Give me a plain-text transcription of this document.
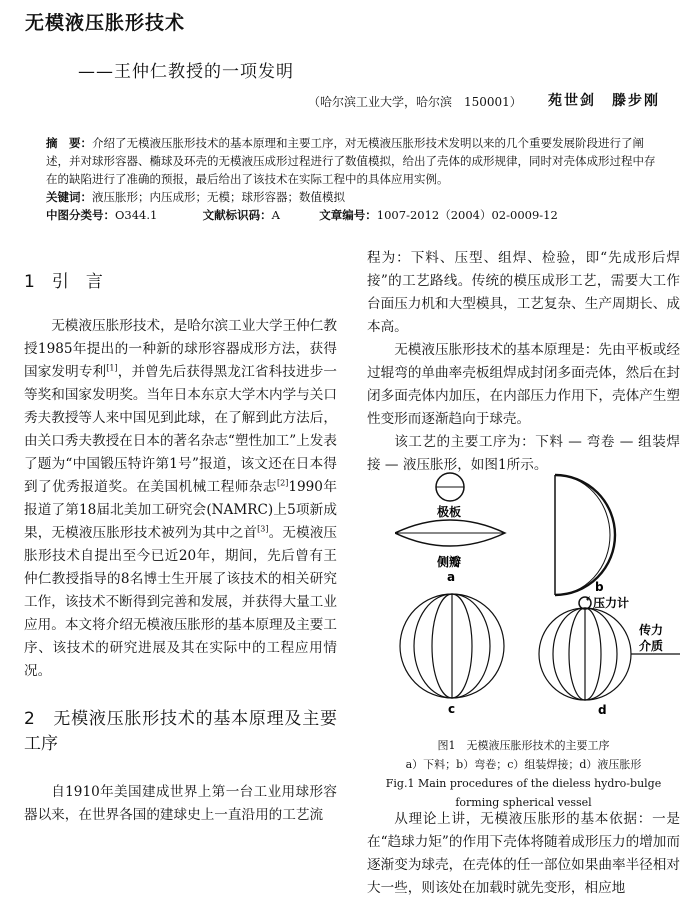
无模液压胀形技术
——王仲仁教授的一项发明
（哈尔滨工业大学，哈尔滨　150001） 苑世剑　滕步刚

摘　要：介绍了无模液压胀形技术的基本原理和主要工序，对无模液压胀形技术发明以来的几个重要发展阶段进行了阐述，并对球形容器、椭球及环壳的无模液压成形过程进行了数值模拟，给出了壳体的成形规律，同时对壳体成形过程中存在的缺陷进行了准确的预报，最后给出了该技术在实际工程中的具体应用实例。

关键词：液压胀形；内压成形；无模；球形容器；数值模拟

中图分类号：O344.1	文献标识码：A	文章编号：1007-2012（2004）02-0009-12

1　引　言

无模液压胀形技术，是哈尔滨工业大学王仲仁教授1985年提出的一种新的球形容器成形方法，获得国家发明专利[1]，并曾先后获得黑龙江省科技进步一等奖和国家发明奖。当年日本东京大学木内学与关口秀夫教授等人来中国见到此球，在了解到此方法后，由关口秀夫教授在日本的著名杂志“塑性加工”上发表了题为“中国锻压特许第1号”报道，该文还在日本得到了优秀报道奖。在美国机械工程师杂志[2]1990年报道了第18届北美加工研究会(NAMRC)上5项新成果，无模液压胀形技术被列为其中之首[3]。无模液压胀形技术自提出至今已近20年，期间，先后曾有王仲仁教授指导的8名博士生开展了该技术的相关研究工作，该技术不断得到完善和发展，并获得大量工业应用。本文将介绍无模液压胀形的基本原理及主要工序、该技术的研究进展及其在实际中的工程应用情况。

2　无模液压胀形技术的基本原理及主要工序

自1910年美国建成世界上第一台工业用球形容器以来，在世界各国的建球史上一直沿用的工艺流

程为：下料、压型、组焊、检验，即“先成形后焊接”的工艺路线。传统的模压成形工艺，需要大工作台面压力机和大型模具，工艺复杂、生产周期长、成本高。

无模液压胀形技术的基本原理是：先由平板或经过辊弯的单曲率壳板组焊成封闭多面壳体，然后在封闭多面壳体内加压，在内部压力作用下，壳体产生塑性变形而逐渐趋向于球壳。

该工艺的主要工序为：下料 — 弯卷 — 组装焊接 — 液压胀形，如图1所示。

极板
侧瓣
a
b
压力计
传力
介质
c	d
图1　无模液压胀形技术的主要工序
a）下料；b）弯卷；c）组装焊接；d）液压胀形
Fig.1 Main procedures of the dieless hydro-bulge
forming spherical vessel

从理论上讲，无模液压胀形的基本依据：一是在“趋球力矩”的作用下壳体将随着成形压力的增加而逐渐变为球壳，在壳体的任一部位如果曲率半径相对大一些，则该处在加载时就先变形，相应地
